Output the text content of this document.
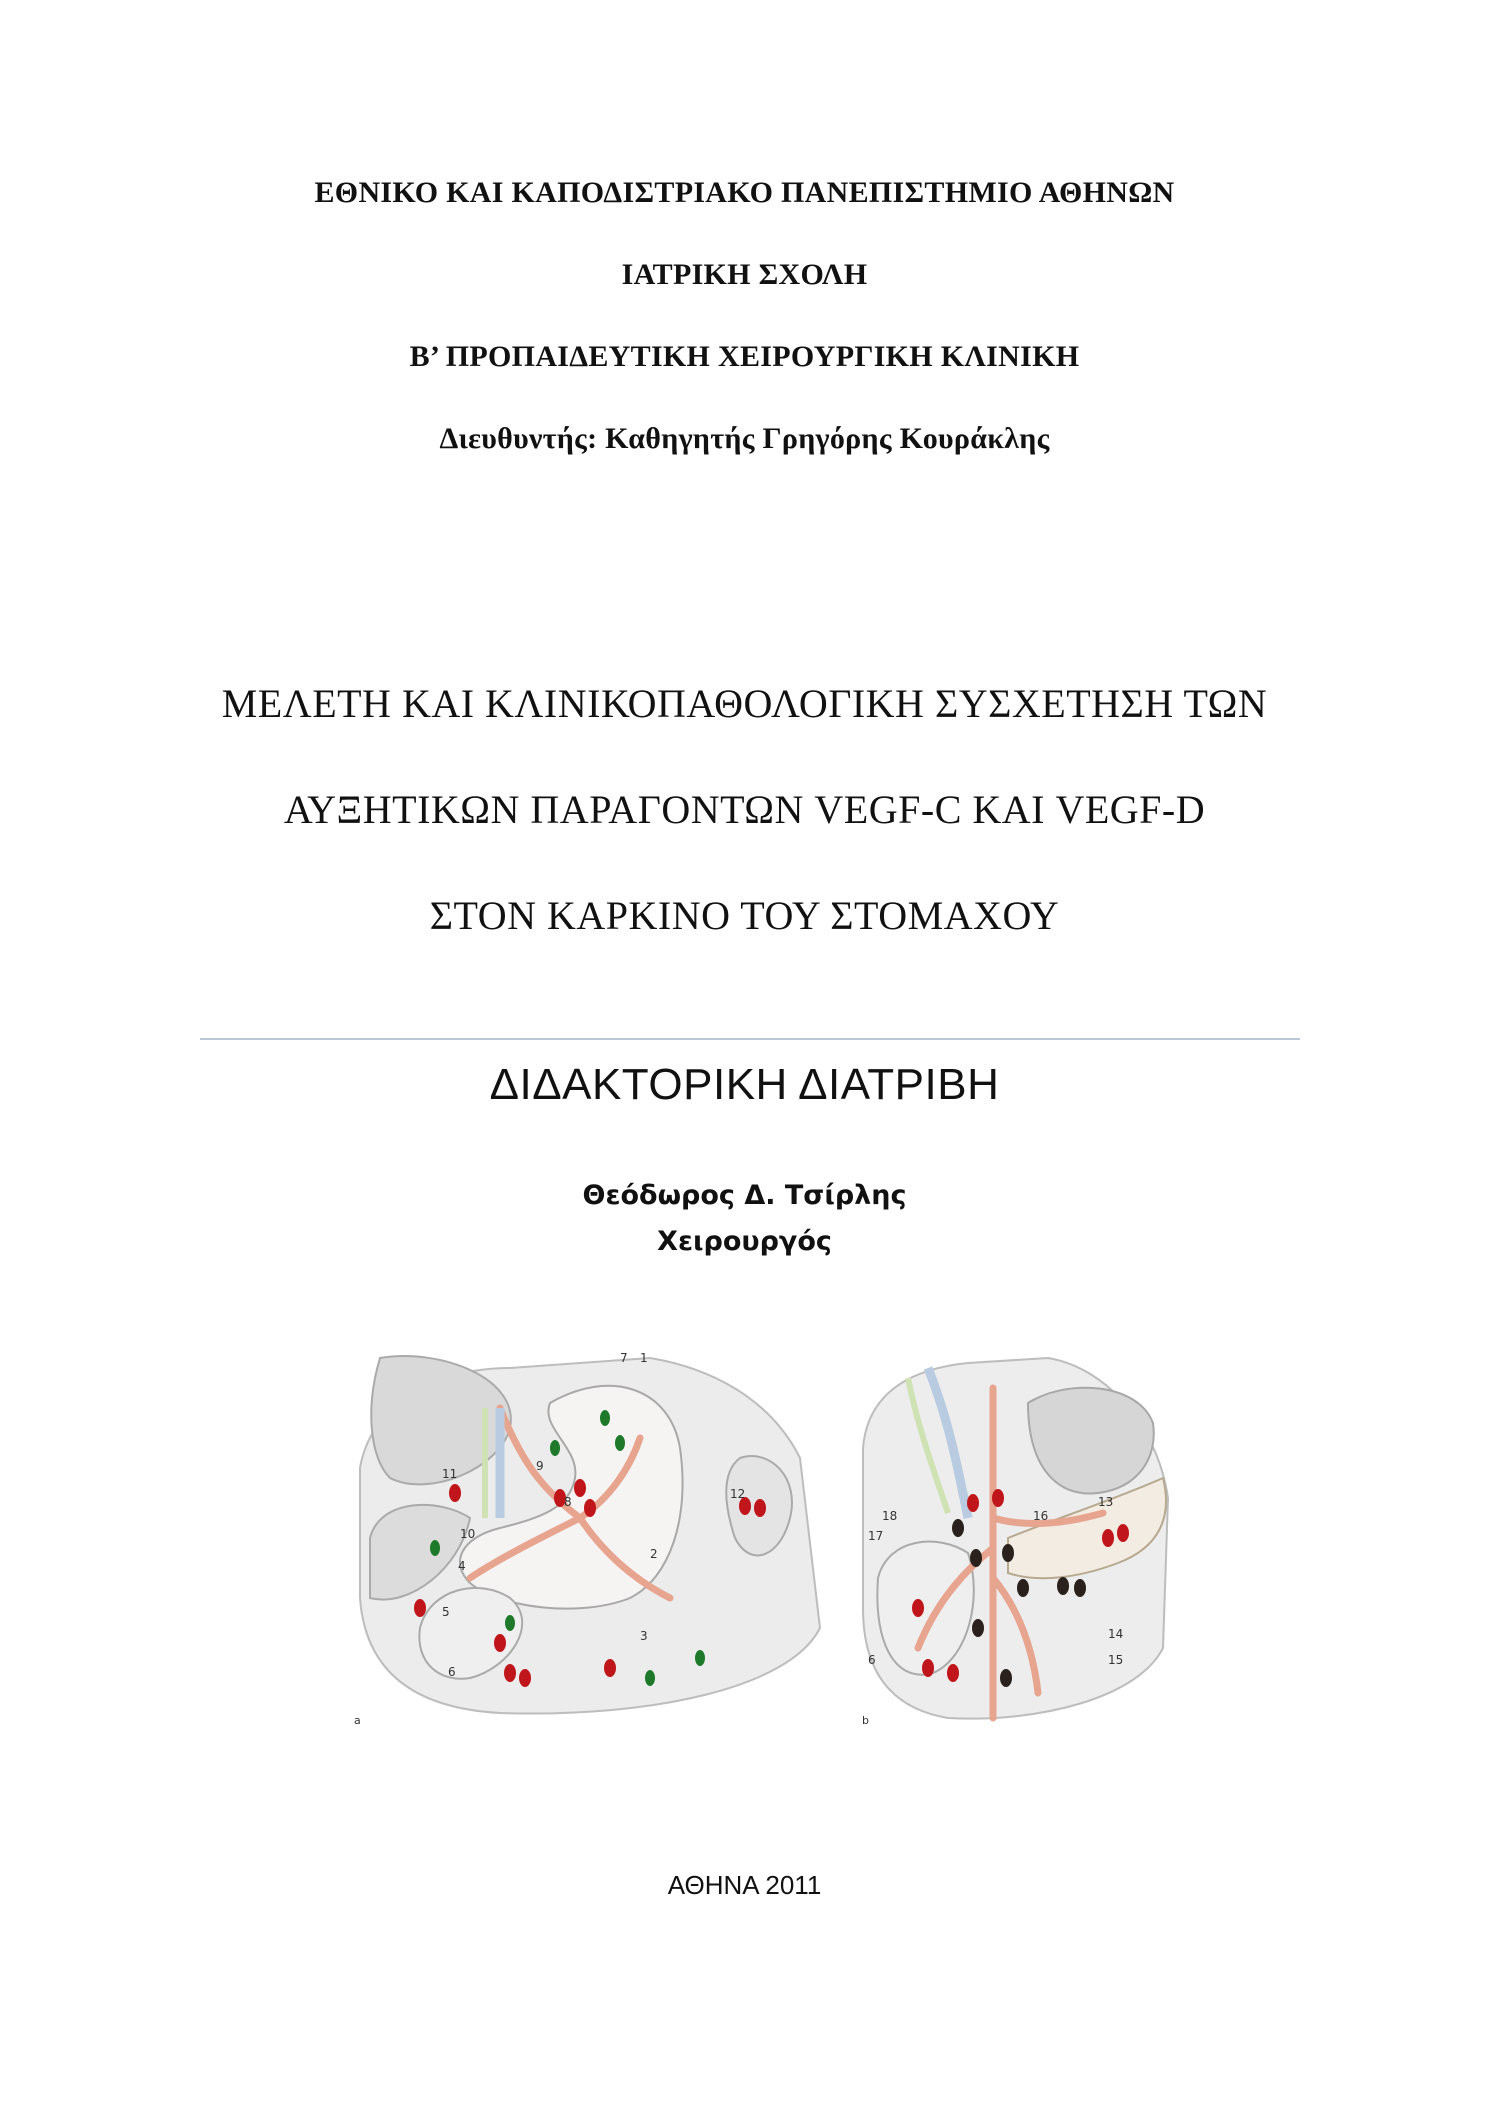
ΕΘΝΙΚΟ ΚΑΙ ΚΑΠΟΔΙΣΤΡΙΑΚΟ ΠΑΝΕΠΙΣΤΗΜΙΟ ΑΘΗΝΩΝ
ΙΑΤΡΙΚΗ ΣΧΟΛΗ
Β’ ΠΡΟΠΑΙΔΕΥΤΙΚΗ ΧΕΙΡΟΥΡΓΙΚΗ ΚΛΙΝΙΚΗ
Διευθυντής: Καθηγητής Γρηγόρης Κουράκλης
ΜΕΛΕΤΗ ΚΑΙ ΚΛΙΝΙΚΟΠΑΘΟΛΟΓΙΚΗ ΣΥΣΧΕΤΗΣΗ ΤΩΝ
ΑΥΞΗΤΙΚΩΝ ΠΑΡΑΓΟΝΤΩΝ VEGF-C ΚΑΙ VEGF-D
ΣΤΟΝ ΚΑΡΚΙΝΟ ΤΟΥ ΣΤΟΜΑΧΟΥ
ΔΙΔΑΚΤΟΡΙΚΗ ΔΙΑΤΡΙΒΗ
Θεόδωρος Δ. Τσίρλης
Χειρουργός
7 1
9
8
11
10
12
2
4
5
3
6
a
18
17
16
13
14
6	15
b
ΑΘΗΝΑ 2011
